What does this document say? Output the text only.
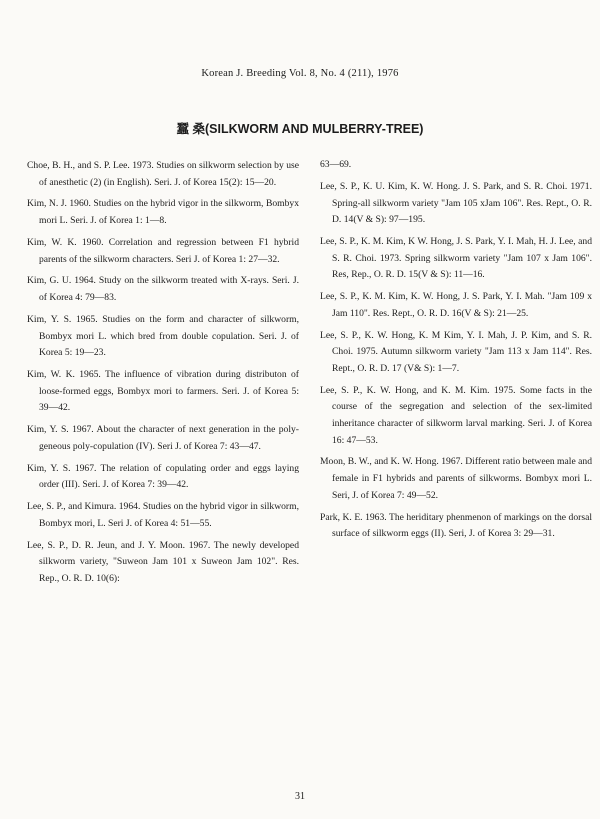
Korean J. Breeding Vol. 8, No. 4 (211), 1976
蠶 桑(SILKWORM AND MULBERRY-TREE)

Choe, B. H., and S. P. Lee. 1973. Studies on silkworm selection by use of anesthetic (2) (in English). Seri. J. of Korea 15(2): 15—20.

Kim, N. J. 1960. Studies on the hybrid vigor in the silkworm, Bombyx mori L. Seri. J. of Korea 1: 1—8.

Kim, W. K. 1960. Correlation and regression between F1 hybrid parents of the silkworm characters. Seri J. of Korea 1: 27—32.

Kim, G. U. 1964. Study on the silkworm treated with X-rays. Seri. J. of Korea 4: 79—83.

Kim, Y. S. 1965. Studies on the form and character of silkworm, Bombyx mori L. which bred from double copulation. Seri. J. of Korea 5: 19—23.

Kim, W. K. 1965. The influence of vibration during distributon of loose-formed eggs, Bombyx mori to farmers. Seri. J. of Korea 5: 39—42.

Kim, Y. S. 1967. About the character of next generation in the poly-geneous poly-copulation (IV). Seri J. of Korea 7: 43—47.

Kim, Y. S. 1967. The relation of copulating order and eggs laying order (III). Seri. J. of Korea 7: 39—42.

Lee, S. P., and Kimura. 1964. Studies on the hybrid vigor in silkworm, Bombyx mori, L. Seri J. of Korea 4: 51—55.

Lee, S. P., D. R. Jeun, and J. Y. Moon. 1967. The newly developed silkworm variety, "Suweon Jam 101 x Suweon Jam 102". Res. Rep., O. R. D. 10(6):

63—69.

Lee, S. P., K. U. Kim, K. W. Hong. J. S. Park, and S. R. Choi. 1971. Spring-all silkworm variety "Jam 105 xJam 106". Res. Rept., O. R. D. 14(V & S): 97—195.

Lee, S. P., K. M. Kim, K W. Hong, J. S. Park, Y. I. Mah, H. J. Lee, and S. R. Choi. 1973. Spring silkworm variety "Jam 107 x Jam 106". Res, Rep., O. R. D. 15(V & S): 11—16.

Lee, S. P., K. M. Kim, K. W. Hong, J. S. Park, Y. I. Mah. "Jam 109 x Jam 110". Res. Rept., O. R. D. 16(V & S): 21—25.

Lee, S. P., K. W. Hong, K. M Kim, Y. I. Mah, J. P. Kim, and S. R. Choi. 1975. Autumn silkworm variety "Jam 113 x Jam 114". Res. Rept., O. R. D. 17 (V& S): 1—7.

Lee, S. P., K. W. Hong, and K. M. Kim. 1975. Some facts in the course of the segregation and selection of the sex-limited inheritance character of silkworm larval marking. Seri. J. of Korea 16: 47—53.

Moon, B. W., and K. W. Hong. 1967. Different ratio between male and female in F1 hybrids and parents of silkworms. Bombyx mori L. Seri, J. of Korea 7: 49—52.

Park, K. E. 1963. The heriditary phenmenon of markings on the dorsal surface of silkworm eggs (II). Seri, J. of Korea 3: 29—31.

31
